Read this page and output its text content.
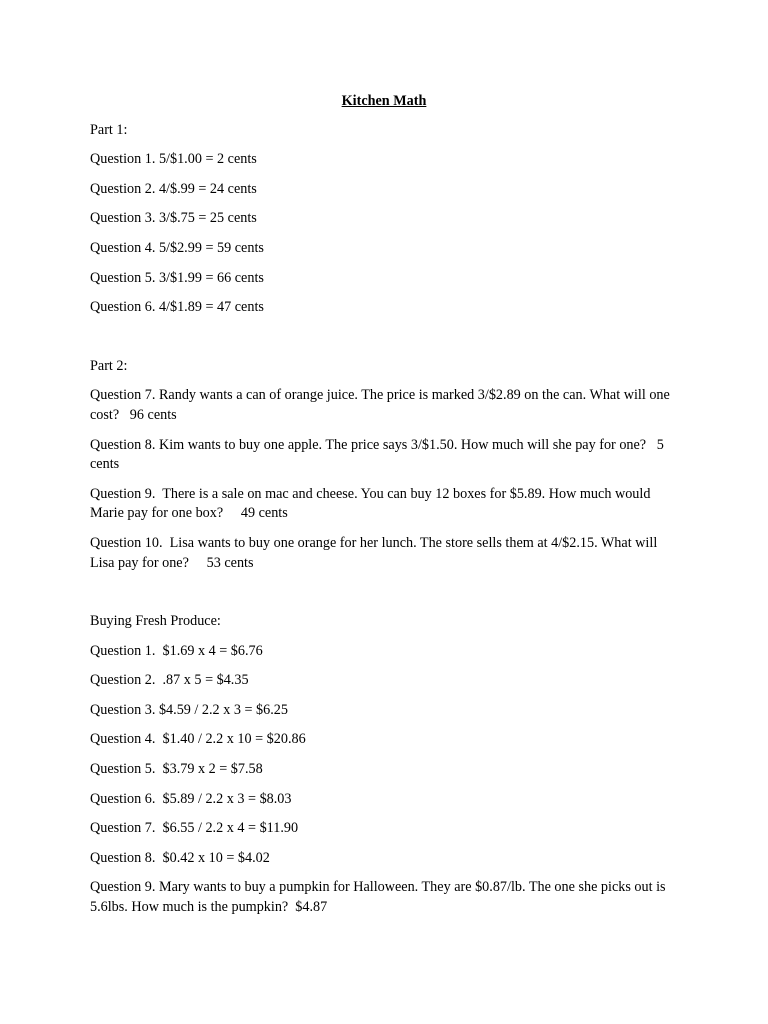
Kitchen Math
Part 1:
Question 1. 5/$1.00 = 2 cents
Question 2. 4/$.99 = 24 cents
Question 3. 3/$.75 = 25 cents
Question 4. 5/$2.99 = 59 cents
Question 5. 3/$1.99 = 66 cents
Question 6. 4/$1.89 = 47 cents
Part 2:
Question 7. Randy wants a can of orange juice. The price is marked 3/$2.89 on the can. What will one cost?   96 cents
Question 8. Kim wants to buy one apple. The price says 3/$1.50. How much will she pay for one?   5 cents
Question 9.  There is a sale on mac and cheese. You can buy 12 boxes for $5.89. How much would Marie pay for one box?     49 cents
Question 10.  Lisa wants to buy one orange for her lunch. The store sells them at 4/$2.15. What will Lisa pay for one?     53 cents
Buying Fresh Produce:
Question 1.  $1.69 x 4 = $6.76
Question 2.  .87 x 5 = $4.35
Question 3. $4.59 / 2.2 x 3 = $6.25
Question 4.  $1.40 / 2.2 x 10 = $20.86
Question 5.  $3.79 x 2 = $7.58
Question 6.  $5.89 / 2.2 x 3 = $8.03
Question 7.  $6.55 / 2.2 x 4 = $11.90
Question 8.  $0.42 x 10 = $4.02
Question 9. Mary wants to buy a pumpkin for Halloween. They are $0.87/lb. The one she picks out is 5.6lbs. How much is the pumpkin?  $4.87
